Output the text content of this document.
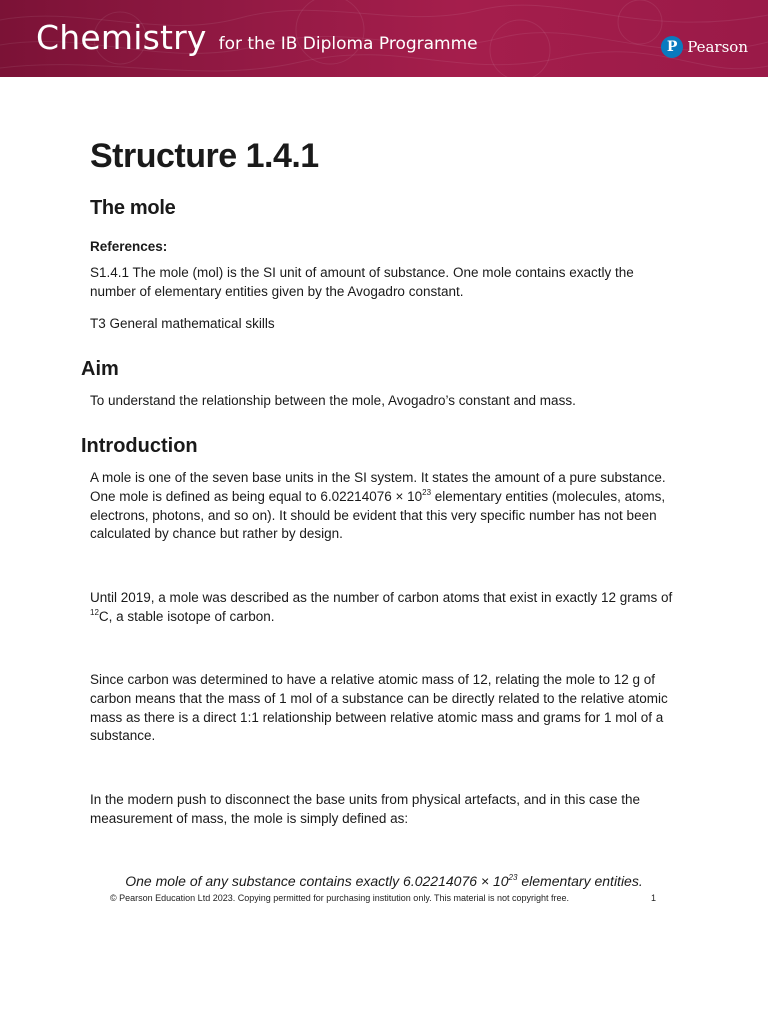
Chemistry for the IB Diploma Programme	P Pearson
Structure 1.4.1
The mole
References:

S1.4.1 The mole (mol) is the SI unit of amount of substance. One mole contains exactly the number of elementary entities given by the Avogadro constant.

T3 General mathematical skills

Aim

To understand the relationship between the mole, Avogadro’s constant and mass.

Introduction

A mole is one of the seven base units in the SI system. It states the amount of a pure substance. One mole is defined as being equal to $6.02214076 \times 10^{23}$ elementary entities (molecules, atoms, electrons, photons, and so on). It should be evident that this very specific number has not been calculated by chance but rather by design.

Until 2019, a mole was described as the number of carbon atoms that exist in exactly 12 grams of $^{12}$C, a stable isotope of carbon.

Since carbon was determined to have a relative atomic mass of 12, relating the mole to 12 g of carbon means that the mass of 1 mol of a substance can be directly related to the relative atomic mass as there is a direct 1:1 relationship between relative atomic mass and grams for 1 mol of a substance.

In the modern push to disconnect the base units from physical artefacts, and in this case the measurement of mass, the mole is simply defined as:

One mole of any substance contains exactly $6.02214076 \times 10^{23}$ elementary entities.
© Pearson Education Ltd 2023. Copying permitted for purchasing institution only. This material is not copyright free.	1
